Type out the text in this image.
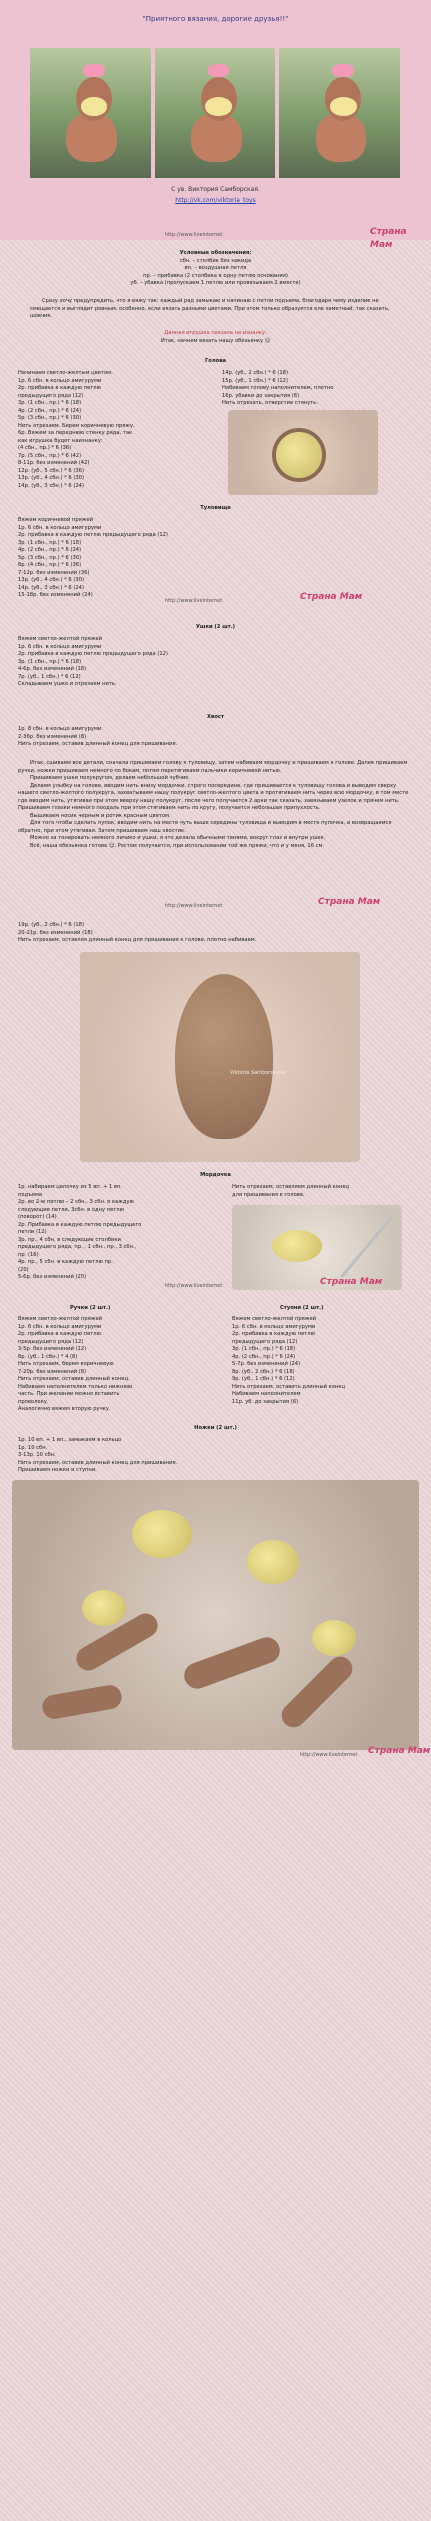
"Приятного вязания, дорогие друзья!!"
С ув. Виктория Самборская.
http://vk.com/viktoria_toys
http://www.liveinternet	Страна Мам
Условные обозначения:
сбн. – столбик без накида
вп. – воздушная петля
пр. – прибавка (2 столбика в одну петлю основания)
уб. – убавка (пропускаем 1 петлю или провязываем 2 вместе)
Сразу хочу предупредить, что я вяжу так: каждый ряд замыкаю и начинаю с петли подъема, благодаря чему изделие не смещается и выглядит ровным, особенно, если вязать разными цветами. При этом только образуется еле заметный, так сказать, шовчик.
Данная игрушка связана на изнанку.
Итак, начнем вязать нашу обезьянку ☺
Голова
Начинаем светло-желтым цветом.
1р. 6 сбн. в кольцо амигуруми
2р. прибавка в каждую петлю
предыдущего ряда (12)
3р. (1 сбн., пр.) * 6 (18)
4р. (2 сбн., пр.) * 6 (24)
5р. (3 сбн., пр.) * 6 (30)
Нить отрезаем. Берем коричневую пряжу.
6р. Вяжем за переднюю стенку ряда, так
как игрушка будет наизнанку:
(4 сбн., пр.) * 6 (36)
7р. (5 сбн., пр.) * 6 (42)
8-11р. без изменений (42)
12р. (уб., 5 сбн.) * 6 (36)
13р. (уб., 4 сбн.) * 6 (30)
14р. (уб., 3 сбн.) * 6 (24)
14р. (уб., 2 сбн.) * 6 (18)
15р. (уб., 1 сбн.) * 6 (12)
Набиваем голову наполнителем, плотно
16р. убавки до закрытия (6)
Нить отрезать, отверстие стянуть.
Туловище
Вяжем коричневой пряжей
1р. 6 сбн. в кольцо амигуруми
2р. прибавка в каждую петлю предыдущего ряда (12)
3р. (1 сбн., пр.) * 6 (18)
4р. (2 сбн., пр.) * 6 (24)
5р. (3 сбн., пр.) * 6 (30)
6р. (4 сбн., пр.) * 6 (36)
7-12р. без изменений (36)
13р. (уб., 4 сбн.) * 6 (30)
14р. (уб., 3 сбн.) * 6 (24)
15-18р. без изменений (24)
http://www.liveinternet	Страна Мам
Ушки (2 шт.)
Вяжем светло-желтой пряжей
1р. 6 сбн. в кольцо амигуруми
2р. прибавка в каждую петлю предыдущего ряда (12)
3р. (1 сбн., пр.) * 6 (18)
4-6р. без изменений (18)
7р. (уб., 1 сбн.) * 6 (12)
Складываем ушко и отрезаем нить.
Хвост
1р. 8 сбн. в кольцо амигуруми
2-36р. без изменений (8)
Нить отрезаем, оставив длинный конец для пришивания.
Итак, сшиваем все детали, сначала пришиваем голову к туловищу, затем набиваем мордочку и пришиваем к голове. Далее пришиваем ручки, ножки пришиваем немного по бокам, потом перетягиваем пальчики коричневой нитью.
Пришиваем ушки полукругом, делаем небольшой чубчик.
Делаем улыбку на голове, вводим нить внизу мордочки, строго посередине, где пришивается к туловищу голова и выводим сверху нашего светло-желтого полукруга, захватываем нашу полукруг светло-желтого цвета и протягиваем нить через всю мордочку, в том месте где вводим нить, утягивая при этом вверху нашу полукруг, после чего получается 2 арки так сказать, завязываем узелок и прячем нить. Пришиваем глазки немного поодаль при этом стягиваем нить по кругу, получается небольшая припухлость.
Вышиваем носик черным и ротик красным цветом.
Для того чтобы сделать пупок, вводим нить на месте чуть выше середины туловища и выводим в месте пупочка, и возвращаемся обратно, при этом утягивая. Затем пришиваем наш хвостик.
Можно за тонировать немного личико и ушки, я это делала обычными тенями, вокруг глаз и внутри ушек.
Всё, наша обезьянка готова ☺. Ростом получается, при использовании той же пряжи, что и у меня, 16 см.
http://www.liveinternet	Страна Мам
19р. (уб., 2 сбн.) * 6 (18)
20-21р. без изменений (18)
Нить отрезаем, оставляя длинный конец для пришивания к голове, плотно набиваем.
Viktoria Samborskaya
Мордочка
1р. набираем цепочку из 5 вп. + 1 вп.
подъема
2р. во 2-ю петлю – 2 сбн., 3 сбн. в каждую
следующие петли, 3сбн. в одну петлю
(поворот) (14)
2р. Прибавка в каждую петлю предыдущего
петли (12)
3р. пр., 4 сбн. в следующие столбики
предыдущего ряда, пр. , 1 сбн., пр., 3 сбн.,
пр. (16)
4р. пр., 5 сбн. в каждую петлю пр.
(20)
5-6р. без изменений (20)
Нить отрезаем, оставляем длинный конец
для пришивания к голове.
http://www.liveinternet	Страна Мам
Ручки (2 шт.)
Вяжем светло-желтой пряжей
1р. 6 сбн. в кольцо амигуруми
2р. прибавка в каждую петлю
предыдущего ряда (12)
3-5р. без изменений (12)
6р. (уб., 1 сбн.) * 4 (8)
Нить отрезаем, берем коричневую
7-20р. без изменений (8)
Нить отрезаем, оставив длинный конец.
Набиваем наполнителем только нижнюю
часть. При желании можно вставить
проволоку.
Аналогично вяжем вторую ручку.
Ступни (2 шт.)
Вяжем светло-желтой пряжей
1р. 6 сбн. в кольцо амигуруми
2р. прибавка в каждую петлю
предыдущего ряда (12)
3р. (1 сбн., пр.) * 6 (18)
4р. (2 сбн., пр.) * 6 (24)
5-7р. без изменений (24)
8р. (уб., 2 сбн.) * 6 (18)
9р. (уб., 1 сбн.) * 6 (12)
Нить отрезаем, оставить длинный конец
Набиваем наполнителем
11р. уб. до закрытия (6)
Ножки (2 шт.)
1р. 10 вп. + 1 вп., замыкаем в кольцо
1р. 10 сбн.
3-13р. 10 сбн.
Нить отрезаем, оставив длинный конец для пришивания.
Пришиваем ножки и ступни.
http://www.liveinternet Страна Мам
